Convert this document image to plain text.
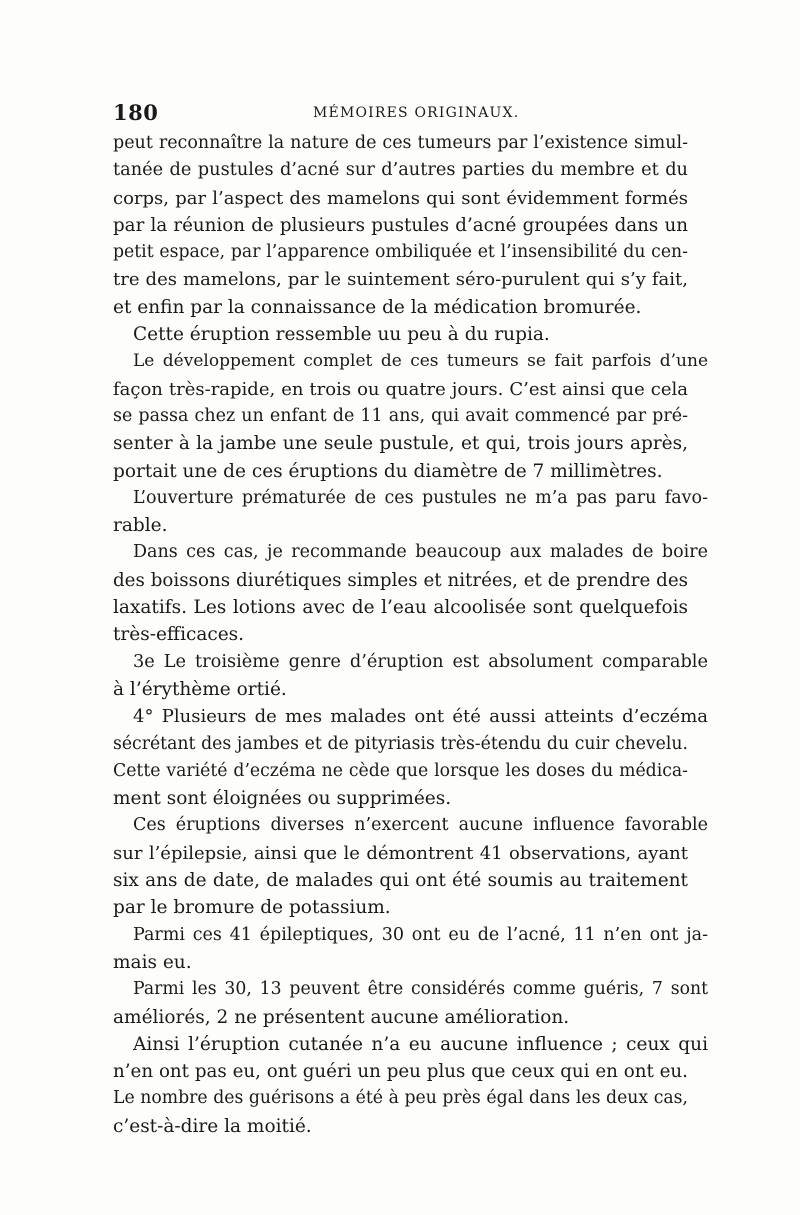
180	MÉMOIRES ORIGINAUX.
peut reconnaître la nature de ces tumeurs par l’existence simul-
tanée de pustules d’acné sur d’autres parties du membre et du
corps, par l’aspect des mamelons qui sont évidemment formés
par la réunion de plusieurs pustules d’acné groupées dans un
petit espace, par l’apparence ombiliquée et l’insensibilité du cen-
tre des mamelons, par le suintement séro-purulent qui s’y fait,
et enfin par la connaissance de la médication bromurée.
Cette éruption ressemble uu peu à du rupia.
Le développement complet de ces tumeurs se fait parfois d’une
façon très-rapide, en trois ou quatre jours. C’est ainsi que cela
se passa chez un enfant de 11 ans, qui avait commencé par pré-
senter à la jambe une seule pustule, et qui, trois jours après,
portait une de ces éruptions du diamètre de 7 millimètres.
L’ouverture prématurée de ces pustules ne m’a pas paru favo-
rable.
Dans ces cas, je recommande beaucoup aux malades de boire
des boissons diurétiques simples et nitrées, et de prendre des
laxatifs. Les lotions avec de l’eau alcoolisée sont quelquefois
très-efficaces.
3e Le troisième genre d’éruption est absolument comparable
à l’érythème ortié.
4° Plusieurs de mes malades ont été aussi atteints d’eczéma
sécrétant des jambes et de pityriasis très-étendu du cuir chevelu.
Cette variété d’eczéma ne cède que lorsque les doses du médica-
ment sont éloignées ou supprimées.
Ces éruptions diverses n’exercent aucune influence favorable
sur l’épilepsie, ainsi que le démontrent 41 observations, ayant
six ans de date, de malades qui ont été soumis au traitement
par le bromure de potassium.
Parmi ces 41 épileptiques, 30 ont eu de l’acné, 11 n’en ont ja-
mais eu.
Parmi les 30, 13 peuvent être considérés comme guéris, 7 sont
améliorés, 2 ne présentent aucune amélioration.
Ainsi l’éruption cutanée n’a eu aucune influence ; ceux qui
n’en ont pas eu, ont guéri un peu plus que ceux qui en ont eu.
Le nombre des guérisons a été à peu près égal dans les deux cas,
c’est-à-dire la moitié.
